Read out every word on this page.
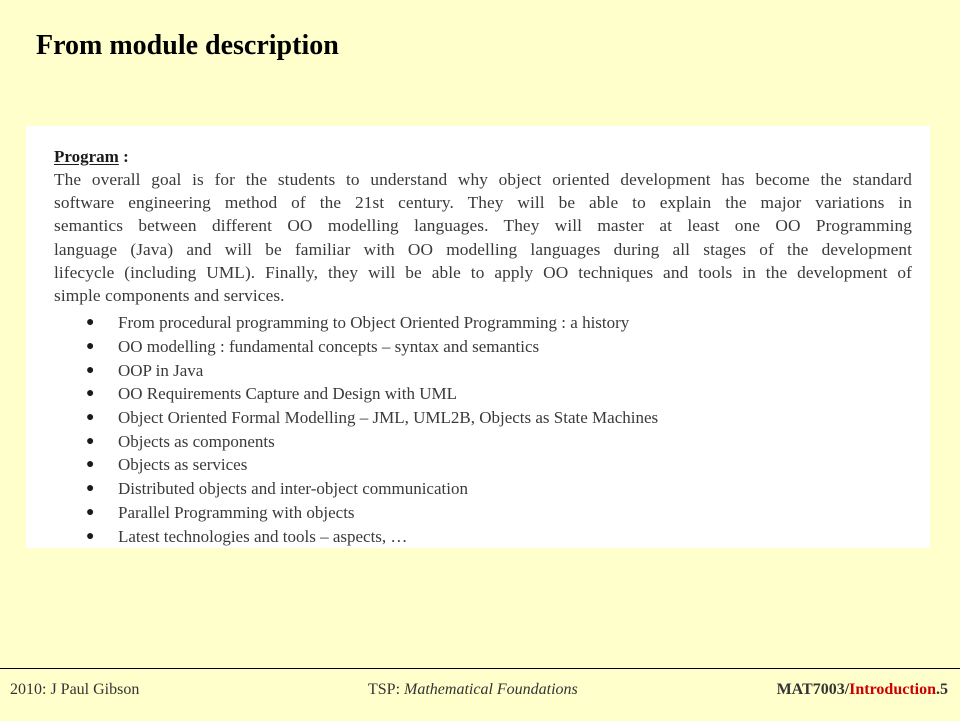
From module description

Program :

The overall goal is for the students to understand why object oriented development has become the standard
software engineering method of the 21st century. They will be able to explain the major variations in
semantics between different OO modelling languages. They will master at least one OO Programming
language (Java) and will be familiar with OO modelling languages during all stages of the development
lifecycle (including UML). Finally, they will be able to apply OO techniques and tools in the development of
simple components and services.

● From procedural programming to Object Oriented Programming : a history
● OO modelling : fundamental concepts – syntax and semantics
● OOP in Java
● OO Requirements Capture and Design with UML
● Object Oriented Formal Modelling – JML, UML2B, Objects as State Machines
● Objects as components
● Objects as services
● Distributed objects and inter-object communication
● Parallel Programming with objects
● Latest technologies and tools – aspects, …
2010: J Paul Gibson	TSP: Mathematical Foundations	MAT7003/Introduction.5
